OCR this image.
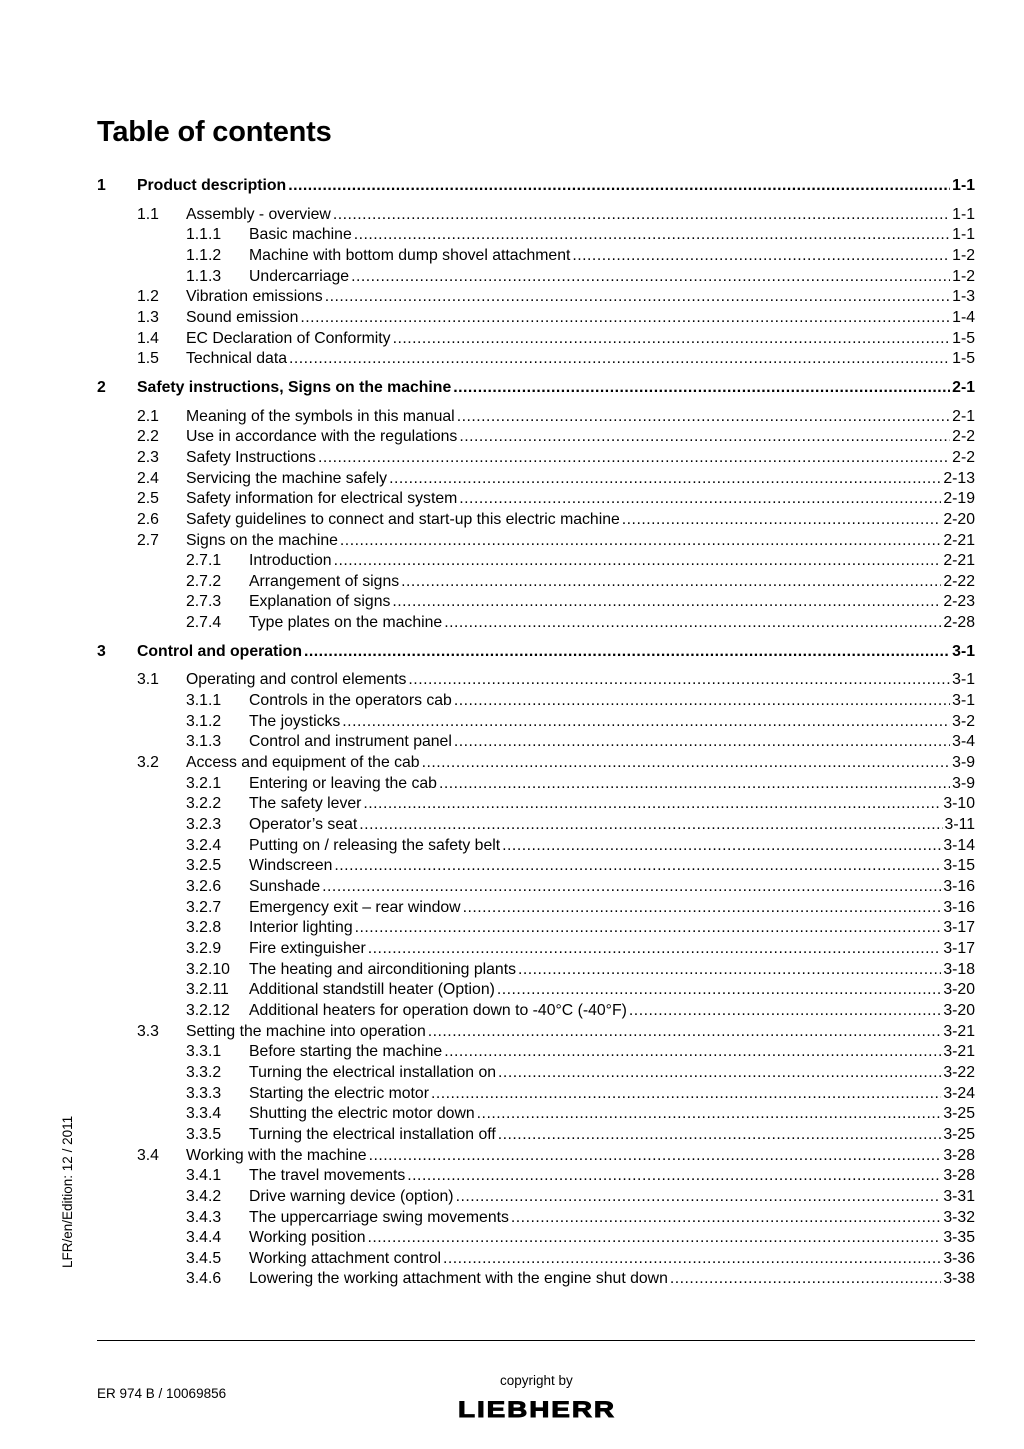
Table of contents
1	Product description .....	1-1
1.1	Assembly - overview .....	1-1
1.1.1	Basic machine .....	1-1
1.1.2	Machine with bottom dump shovel attachment .....	1-2
1.1.3	Undercarriage .....	1-2
1.2	Vibration emissions .....	1-3
1.3	Sound emission .....	1-4
1.4	EC Declaration of Conformity .....	1-5
1.5	Technical data .....	1-5
2	Safety instructions, Signs on the machine .....	2-1
2.1	Meaning of the symbols in this manual .....	2-1
2.2	Use in accordance with the regulations .....	2-2
2.3	Safety Instructions .....	2-2
2.4	Servicing the machine safely .....	2-13
2.5	Safety information for electrical system .....	2-19
2.6	Safety guidelines to connect and start-up this electric machine .....	2-20
2.7	Signs on the machine .....	2-21
2.7.1	Introduction .....	2-21
2.7.2	Arrangement of signs .....	2-22
2.7.3	Explanation of signs .....	2-23
2.7.4	Type plates on the machine .....	2-28
3	Control and operation .....	3-1
3.1	Operating and control elements .....	3-1
3.1.1	Controls in the operators cab .....	3-1
3.1.2	The joysticks .....	3-2
3.1.3	Control and instrument panel .....	3-4
3.2	Access and equipment of the cab .....	3-9
3.2.1	Entering or leaving the cab .....	3-9
3.2.2	The safety lever .....	3-10
3.2.3	Operator’s seat .....	3-11
3.2.4	Putting on / releasing the safety belt .....	3-14
3.2.5	Windscreen .....	3-15
3.2.6	Sunshade .....	3-16
3.2.7	Emergency exit – rear window .....	3-16
3.2.8	Interior lighting .....	3-17
3.2.9	Fire extinguisher .....	3-17
3.2.10	The heating and airconditioning plants .....	3-18
3.2.11	Additional standstill heater (Option) .....	3-20
3.2.12	Additional heaters for operation down to -40°C (-40°F) .....	3-20
3.3	Setting the machine into operation .....	3-21
3.3.1	Before starting the machine .....	3-21
3.3.2	Turning the electrical installation on .....	3-22
3.3.3	Starting the electric motor .....	3-24
3.3.4	Shutting the electric motor down .....	3-25
3.3.5	Turning the electrical installation off .....	3-25
3.4	Working with the machine .....	3-28
3.4.1	The travel movements .....	3-28
3.4.2	Drive warning device (option) .....	3-31
3.4.3	The uppercarriage swing movements .....	3-32
3.4.4	Working position .....	3-35
3.4.5	Working attachment control .....	3-36
3.4.6	Lowering the working attachment with the engine shut down .....	3-38
LFR/en/Edition: 12 / 2011
ER 974 B / 10069856
copyright by
LIEBHERR
